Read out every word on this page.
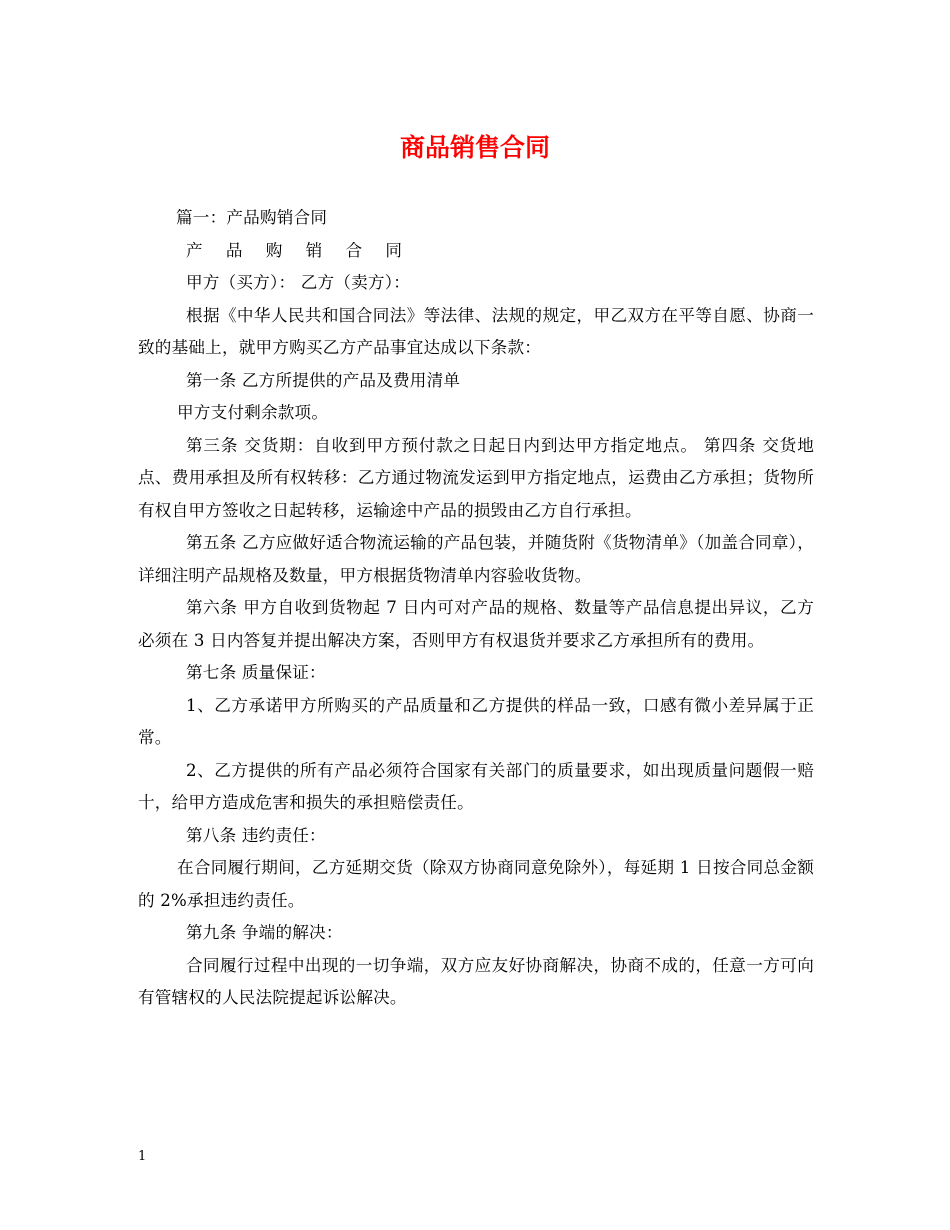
商品销售合同

篇一：产品购销合同

产 品 购 销 合 同

甲方（买方）： 乙方（卖方）：

根据《中华人民共和国合同法》等法律、法规的规定，甲乙双方在平等自愿、协商一致的基础上，就甲方购买乙方产品事宜达成以下条款：

第一条 乙方所提供的产品及费用清单

甲方支付剩余款项。

第三条 交货期：自收到甲方预付款之日起日内到达甲方指定地点。 第四条 交货地点、费用承担及所有权转移：乙方通过物流发运到甲方指定地点，运费由乙方承担；货物所有权自甲方签收之日起转移，运输途中产品的损毁由乙方自行承担。

第五条 乙方应做好适合物流运输的产品包装，并随货附《货物清单》（加盖合同章），详细注明产品规格及数量，甲方根据货物清单内容验收货物。

第六条 甲方自收到货物起 7 日内可对产品的规格、数量等产品信息提出异议，乙方必须在 3 日内答复并提出解决方案，否则甲方有权退货并要求乙方承担所有的费用。

第七条 质量保证：

1、乙方承诺甲方所购买的产品质量和乙方提供的样品一致，口感有微小差异属于正常。

2、乙方提供的所有产品必须符合国家有关部门的质量要求，如出现质量问题假一赔十，给甲方造成危害和损失的承担赔偿责任。

第八条 违约责任：

在合同履行期间，乙方延期交货（除双方协商同意免除外），每延期 1 日按合同总金额的 2%承担违约责任。

第九条 争端的解决：

合同履行过程中出现的一切争端，双方应友好协商解决，协商不成的，任意一方可向有管辖权的人民法院提起诉讼解决。

1
